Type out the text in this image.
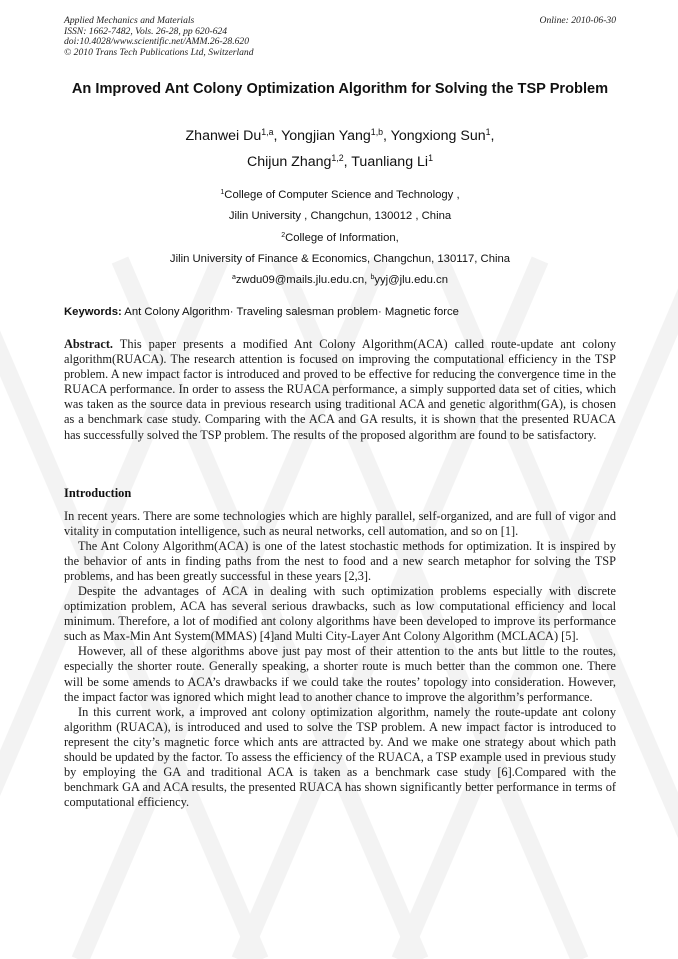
Applied Mechanics and Materials
ISSN: 1662-7482, Vols. 26-28, pp 620-624
doi:10.4028/www.scientific.net/AMM.26-28.620
© 2010 Trans Tech Publications Ltd, Switzerland
Online: 2010-06-30
An Improved Ant Colony Optimization Algorithm for Solving the TSP Problem
Zhanwei Du$^{1,a}$, Yongjian Yang$^{1,b}$, Yongxiong Sun$^1$,
Chijun Zhang$^{1,2}$, Tuanliang Li$^1$
$^1$College of Computer Science and Technology ,
Jilin University , Changchun, 130012 , China
$^2$College of Information,
Jilin University of Finance & Economics, Changchun, 130117, China
$^a$zwdu09@mails.jlu.edu.cn, $^b$yyj@jlu.edu.cn
Keywords: Ant Colony Algorithm· Traveling salesman problem· Magnetic force

Abstract. This paper presents a modified Ant Colony Algorithm(ACA) called route-update ant colony algorithm(RUACA). The research attention is focused on improving the computational efficiency in the TSP problem. A new impact factor is introduced and proved to be effective for reducing the convergence time in the RUACA performance. In order to assess the RUACA performance, a simply supported data set of cities, which was taken as the source data in previous research using traditional ACA and genetic algorithm(GA), is chosen as a benchmark case study. Comparing with the ACA and GA results, it is shown that the presented RUACA has successfully solved the TSP problem. The results of the proposed algorithm are found to be satisfactory.

Introduction

In recent years. There are some technologies which are highly parallel, self-organized, and are full of vigor and vitality in computation intelligence, such as neural networks, cell automation, and so on [1].

The Ant Colony Algorithm(ACA) is one of the latest stochastic methods for optimization. It is inspired by the behavior of ants in finding paths from the nest to food and a new search metaphor for solving the TSP problems, and has been greatly successful in these years [2,3].

Despite the advantages of ACA in dealing with such optimization problems especially with discrete optimization problem, ACA has several serious drawbacks, such as low computational efficiency and local minimum. Therefore, a lot of modified ant colony algorithms have been developed to improve its performance such as Max-Min Ant System(MMAS) [4]and Multi City-Layer Ant Colony Algorithm (MCLACA) [5].

However, all of these algorithms above just pay most of their attention to the ants but little to the routes, especially the shorter route. Generally speaking, a shorter route is much better than the common one. There will be some amends to ACA’s drawbacks if we could take the routes’ topology into consideration. However, the impact factor was ignored which might lead to another chance to improve the algorithm’s performance.

In this current work, a improved ant colony optimization algorithm, namely the route-update ant colony algorithm (RUACA), is introduced and used to solve the TSP problem. A new impact factor is introduced to represent the city’s magnetic force which ants are attracted by. And we make one strategy about which path should be updated by the factor. To assess the efficiency of the RUACA, a TSP example used in previous study by employing the GA and traditional ACA is taken as a benchmark case study [6].Compared with the benchmark GA and ACA results, the presented RUACA has shown significantly better performance in terms of computational efficiency.
